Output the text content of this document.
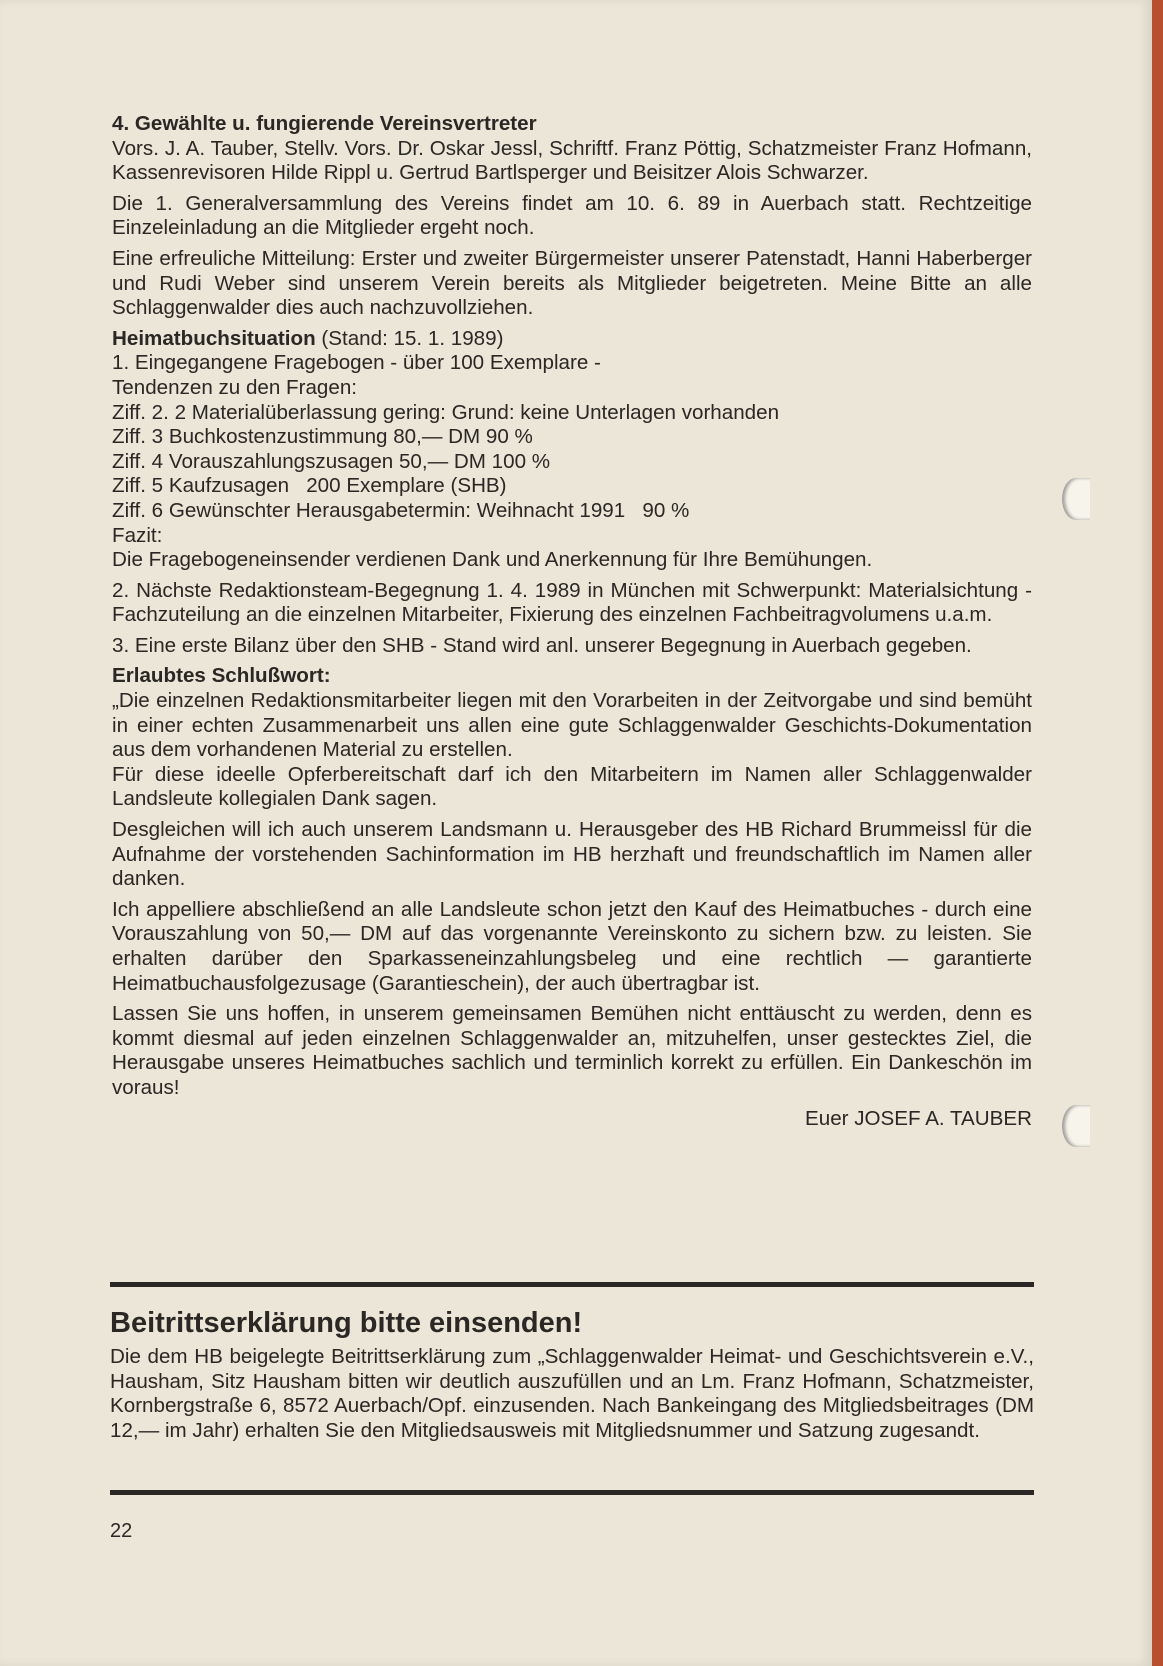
4. Gewählte u. fungierende Vereinsvertreter

Vors. J. A. Tauber, Stellv. Vors. Dr. Oskar Jessl, Schriftf. Franz Pöttig, Schatzmeister Franz Hofmann, Kassenrevisoren Hilde Rippl u. Gertrud Bartlsperger und Beisitzer Alois Schwarzer.

Die 1. Generalversammlung des Vereins findet am 10. 6. 89 in Auerbach statt. Rechtzeitige Einzeleinladung an die Mitglieder ergeht noch.

Eine erfreuliche Mitteilung: Erster und zweiter Bürgermeister unserer Patenstadt, Hanni Haberberger und Rudi Weber sind unserem Verein bereits als Mitglieder beigetreten. Meine Bitte an alle Schlaggenwalder dies auch nachzuvollziehen.

Heimatbuchsituation (Stand: 15. 1. 1989)
1. Eingegangene Fragebogen - über 100 Exemplare -
Tendenzen zu den Fragen:
Ziff. 2. 2 Materialüberlassung gering: Grund: keine Unterlagen vorhanden
Ziff. 3 Buchkostenzustimmung 80,— DM 90 %
Ziff. 4 Vorauszahlungszusagen 50,— DM 100 %
Ziff. 5 Kaufzusagen   200 Exemplare (SHB)
Ziff. 6 Gewünschter Herausgabetermin: Weihnacht 1991   90 %
Fazit:
Die Fragebogeneinsender verdienen Dank und Anerkennung für Ihre Bemühungen.

2. Nächste Redaktionsteam-Begegnung 1. 4. 1989 in München mit Schwerpunkt: Materialsichtung - Fachzuteilung an die einzelnen Mitarbeiter, Fixierung des einzelnen Fachbeitragvolumens u.a.m.

3. Eine erste Bilanz über den SHB - Stand wird anl. unserer Begegnung in Auerbach gegeben.

Erlaubtes Schlußwort:

„Die einzelnen Redaktionsmitarbeiter liegen mit den Vorarbeiten in der Zeitvorgabe und sind bemüht in einer echten Zusammenarbeit uns allen eine gute Schlaggenwalder Geschichts-Dokumentation aus dem vorhandenen Material zu erstellen.

Für diese ideelle Opferbereitschaft darf ich den Mitarbeitern im Namen aller Schlaggenwalder Landsleute kollegialen Dank sagen.

Desgleichen will ich auch unserem Landsmann u. Herausgeber des HB Richard Brummeissl für die Aufnahme der vorstehenden Sachinformation im HB herzhaft und freundschaftlich im Namen aller danken.

Ich appelliere abschließend an alle Landsleute schon jetzt den Kauf des Heimatbuches - durch eine Vorauszahlung von 50,— DM auf das vorgenannte Vereinskonto zu sichern bzw. zu leisten. Sie erhalten darüber den Sparkasseneinzahlungsbeleg und eine rechtlich — garantierte Heimatbuchausfolgezusage (Garantieschein), der auch übertragbar ist.

Lassen Sie uns hoffen, in unserem gemeinsamen Bemühen nicht enttäuscht zu werden, denn es kommt diesmal auf jeden einzelnen Schlaggenwalder an, mitzuhelfen, unser gestecktes Ziel, die Herausgabe unseres Heimatbuches sachlich und terminlich korrekt zu erfüllen. Ein Dankeschön im voraus!

Euer JOSEF A. TAUBER
Beitrittserklärung bitte einsenden!
Die dem HB beigelegte Beitrittserklärung zum „Schlaggenwalder Heimat- und Geschichtsverein e.V., Hausham, Sitz Hausham bitten wir deutlich auszufüllen und an Lm. Franz Hofmann, Schatzmeister, Kornbergstraße 6, 8572 Auerbach/Opf. einzusenden. Nach Bankeingang des Mitgliedsbeitrages (DM 12,— im Jahr) erhalten Sie den Mitgliedsausweis mit Mitgliedsnummer und Satzung zugesandt.
22
